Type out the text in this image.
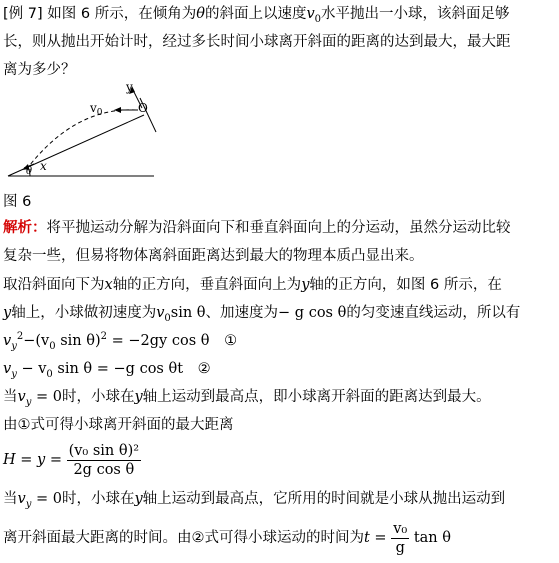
[例 7] 如图 6 所示，在倾角为θ的斜面上以速度$v_0$水平抛出一小球，该斜面足够
长，则从抛出开始计时，经过多长时间小球离开斜面的距离的达到最大，最大距
离为多少？
$v_0$	O
y
x
θ
图 6
解析：将平抛运动分解为沿斜面向下和垂直斜面向上的分运动，虽然分运动比较
复杂一些，但易将物体离斜面距离达到最大的物理本质凸显出来。
取沿斜面向下为x轴的正方向，垂直斜面向上为y轴的正方向，如图 6 所示，在
y轴上，小球做初速度为$v_0\sin$ θ、加速度为− g cos θ的匀变速直线运动，所以有
$v_y^2-(v_0$ sin θ)$^2$ = −2gy cos θ ①
$v_y - v_0$ sin θ = −g cos θt ②
当$v_y = 0$时，小球在y轴上运动到最高点，即小球离开斜面的距离达到最大。
由①式可得小球离开斜面的最大距离
$H = y = \frac{\text{(v₀ sin θ)²}}{\text{2g cos θ}}$
当$v_y = 0$时，小球在y轴上运动到最高点，它所用的时间就是小球从抛出运动到
离开斜面最大距离的时间。由②式可得小球运动的时间为$t = \frac{\text{v₀}}{g}$ tan θ
